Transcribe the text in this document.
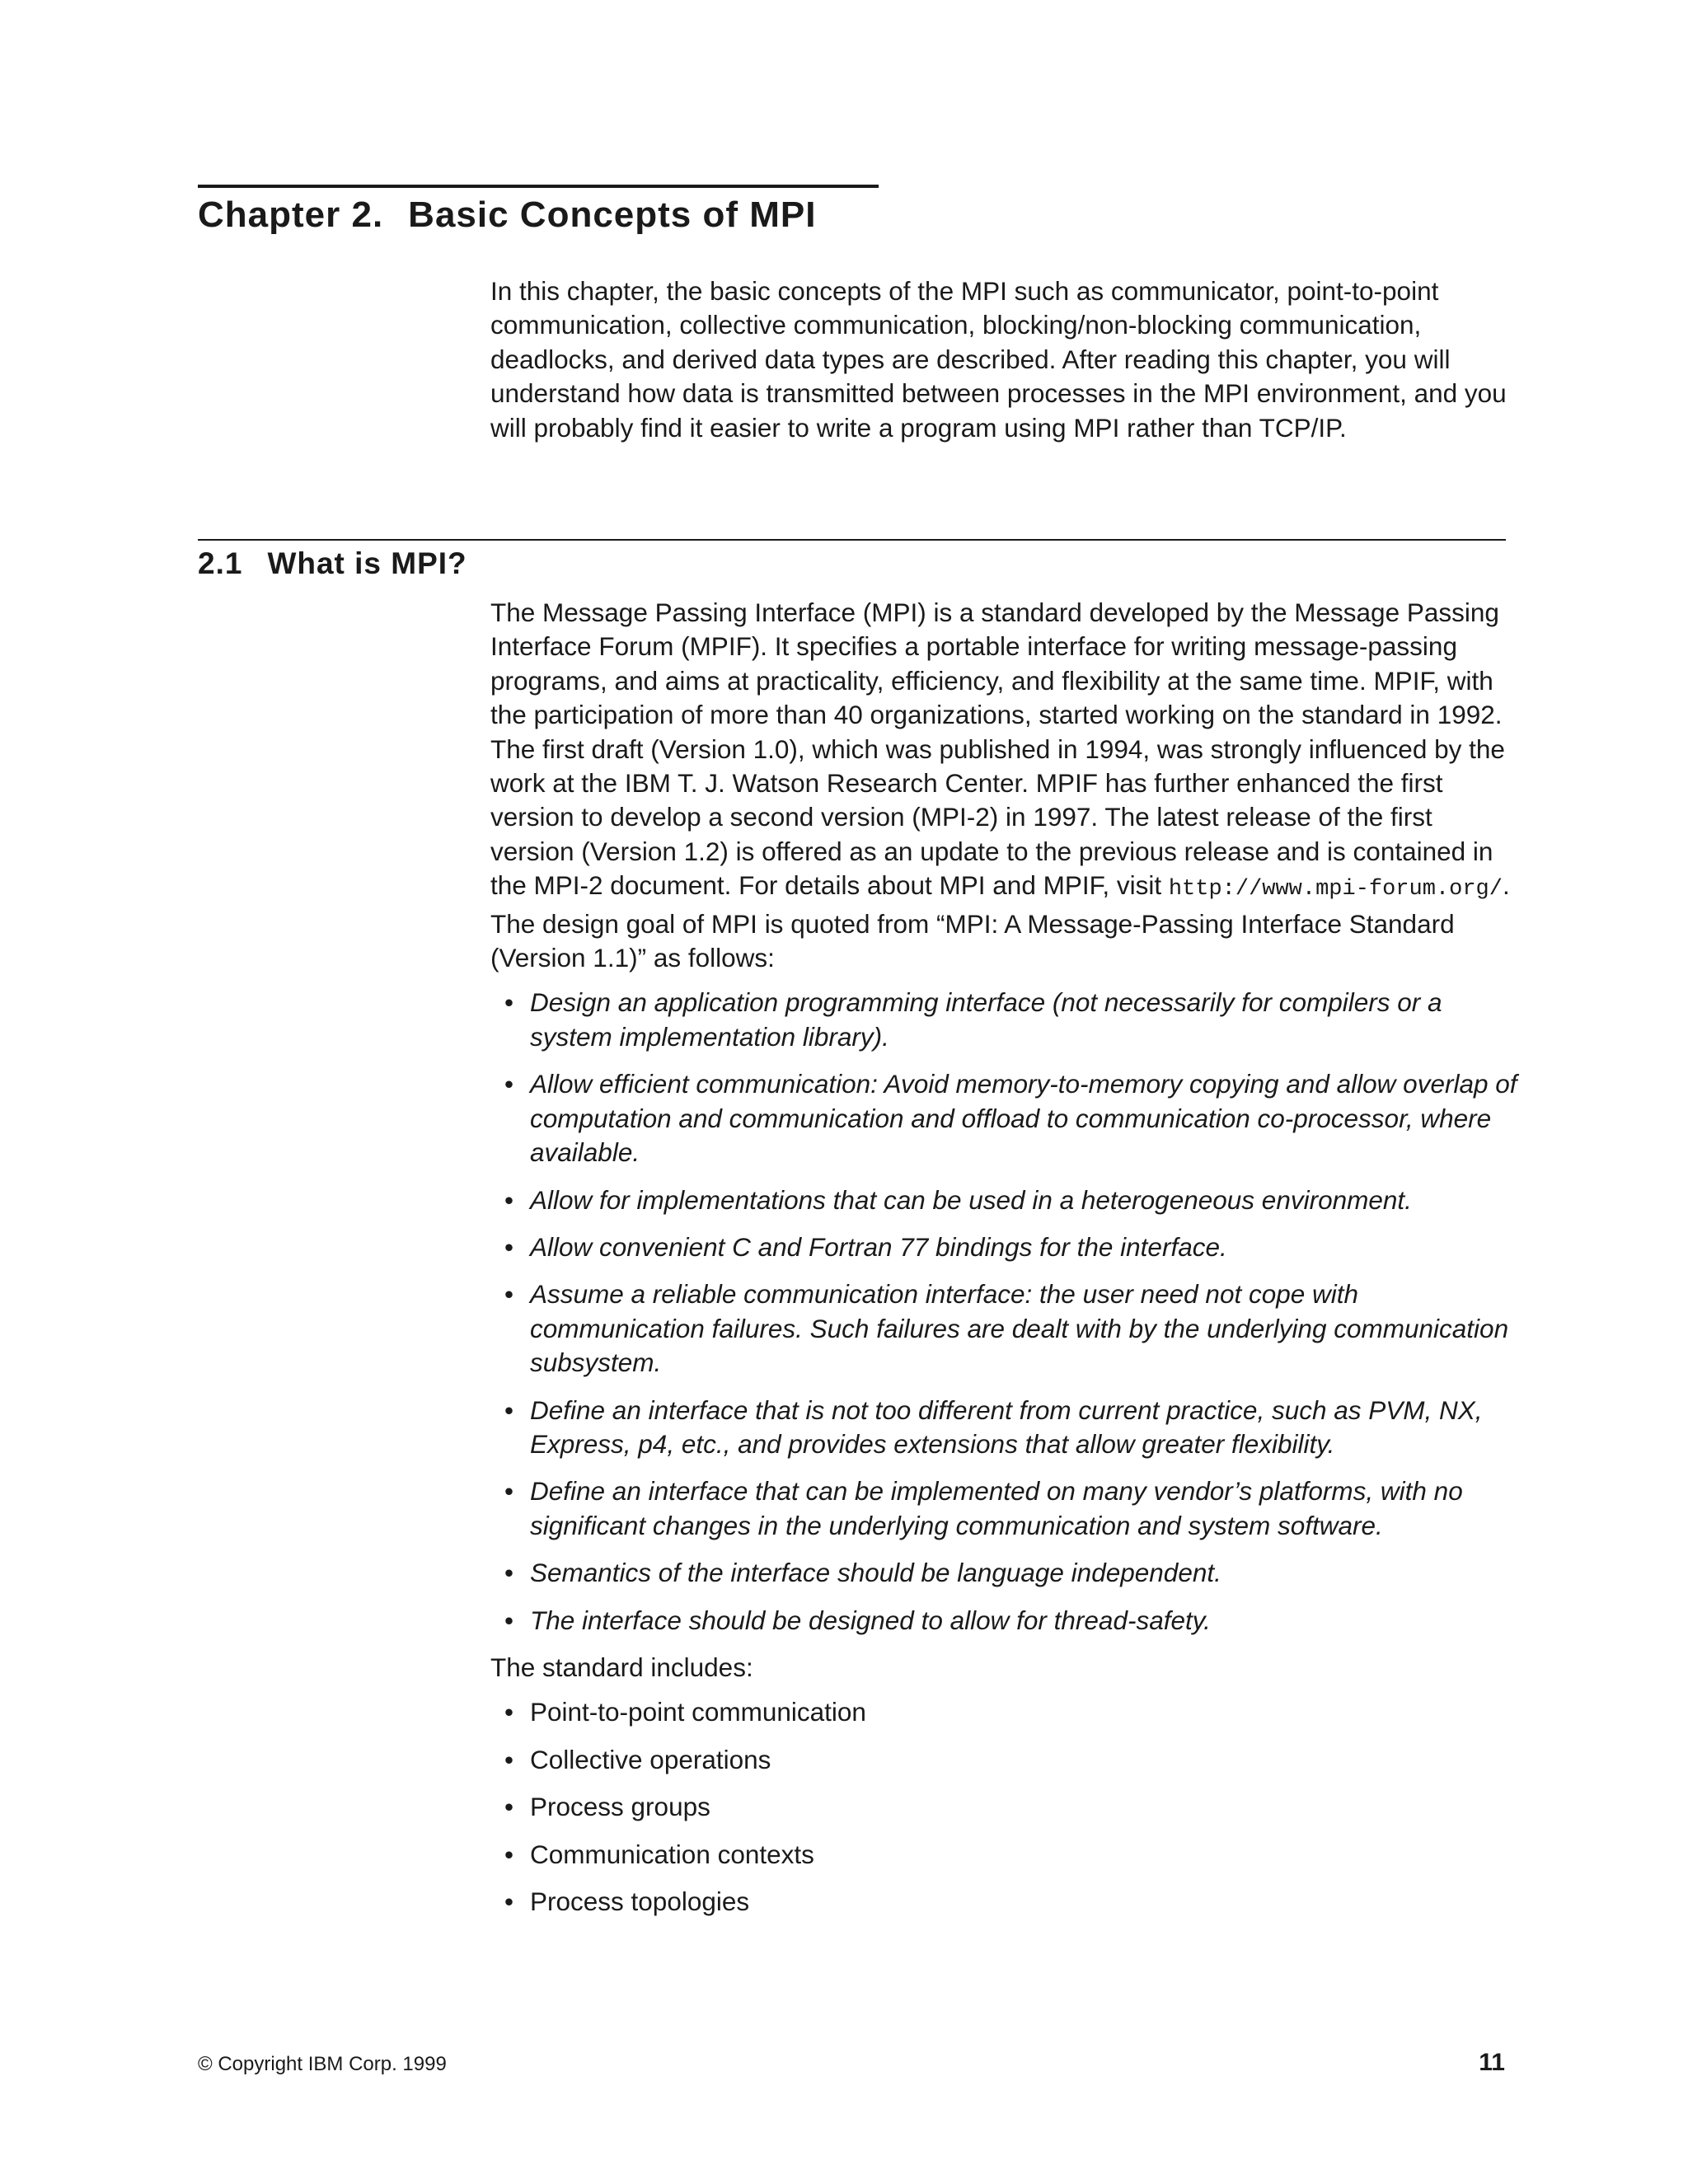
Chapter 2. Basic Concepts of MPI

In this chapter, the basic concepts of the MPI such as communicator, point-to-point communication, collective communication, blocking/non-blocking communication, deadlocks, and derived data types are described. After reading this chapter, you will understand how data is transmitted between processes in the MPI environment, and you will probably find it easier to write a program using MPI rather than TCP/IP.

2.1 What is MPI?

The Message Passing Interface (MPI) is a standard developed by the Message Passing Interface Forum (MPIF). It specifies a portable interface for writing message-passing programs, and aims at practicality, efficiency, and flexibility at the same time. MPIF, with the participation of more than 40 organizations, started working on the standard in 1992. The first draft (Version 1.0), which was published in 1994, was strongly influenced by the work at the IBM T. J. Watson Research Center. MPIF has further enhanced the first version to develop a second version (MPI-2) in 1997. The latest release of the first version (Version 1.2) is offered as an update to the previous release and is contained in the MPI-2 document. For details about MPI and MPIF, visit http://www.mpi-forum.org/. The design goal of MPI is quoted from “MPI: A Message-Passing Interface Standard (Version 1.1)” as follows:

• Design an application programming interface (not necessarily for compilers or a system implementation library).
• Allow efficient communication: Avoid memory-to-memory copying and allow overlap of computation and communication and offload to communication co-processor, where available.
• Allow for implementations that can be used in a heterogeneous environment.
• Allow convenient C and Fortran 77 bindings for the interface.
• Assume a reliable communication interface: the user need not cope with communication failures. Such failures are dealt with by the underlying communication subsystem.
• Define an interface that is not too different from current practice, such as PVM, NX, Express, p4, etc., and provides extensions that allow greater flexibility.
• Define an interface that can be implemented on many vendor’s platforms, with no significant changes in the underlying communication and system software.
• Semantics of the interface should be language independent.
• The interface should be designed to allow for thread-safety.

The standard includes:

• Point-to-point communication
• Collective operations
• Process groups
• Communication contexts
• Process topologies
© Copyright IBM Corp. 1999	11
